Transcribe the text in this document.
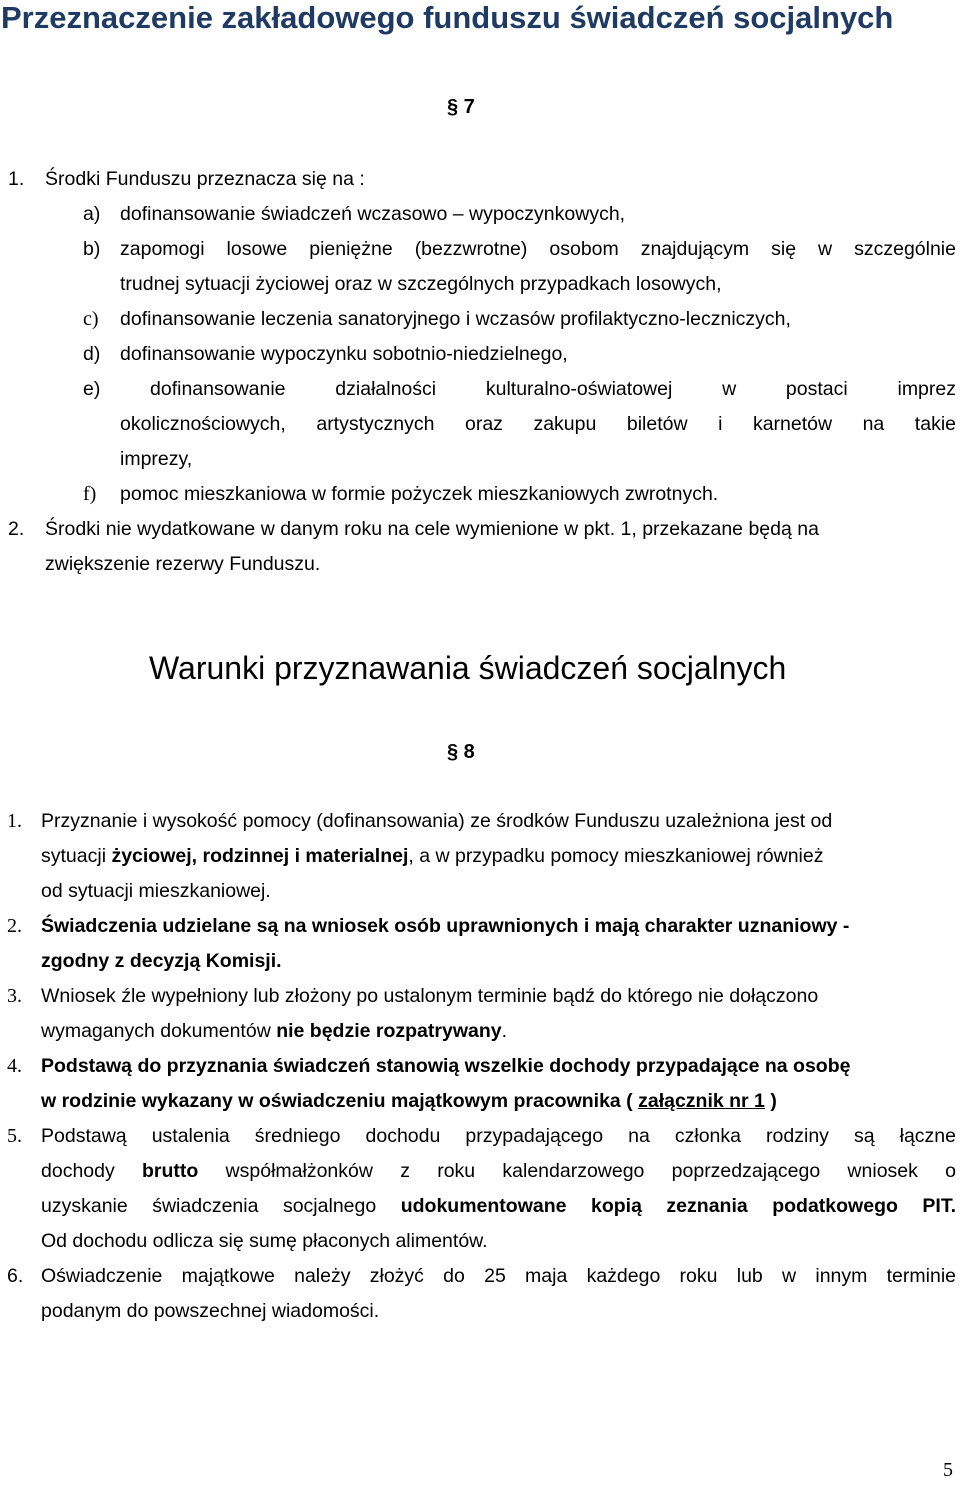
Przeznaczenie zakładowego funduszu świadczeń socjalnych
§ 7
1. Środki Funduszu przeznacza się na :
a) dofinansowanie świadczeń wczasowo – wypoczynkowych,
b) zapomogi losowe pieniężne (bezzwrotne) osobom znajdującym się w szczególnie
trudnej sytuacji życiowej oraz w szczególnych przypadkach losowych,
c) dofinansowanie leczenia sanatoryjnego i wczasów profilaktyczno-leczniczych,
d) dofinansowanie wypoczynku sobotnio-niedzielnego,
e)	dofinansowanie działalności kulturalno-oświatowej w postaci imprez
okolicznościowych, artystycznych oraz zakupu biletów i karnetów na takie
imprezy,
f) pomoc mieszkaniowa w formie pożyczek mieszkaniowych zwrotnych.
2. Środki nie wydatkowane w danym roku na cele wymienione w pkt. 1, przekazane będą na
zwiększenie rezerwy Funduszu.
Warunki przyznawania świadczeń socjalnych
§ 8
1. Przyznanie i wysokość pomocy (dofinansowania) ze środków Funduszu uzależniona jest od
sytuacji życiowej, rodzinnej i materialnej, a w przypadku pomocy mieszkaniowej również
od sytuacji mieszkaniowej.
2. Świadczenia udzielane są na wniosek osób uprawnionych i mają charakter uznaniowy -
zgodny z decyzją Komisji.
3. Wniosek źle wypełniony lub złożony po ustalonym terminie bądź do którego nie dołączono
wymaganych dokumentów nie będzie rozpatrywany.
4. Podstawą do przyznania świadczeń stanowią wszelkie dochody przypadające na osobę
w rodzinie wykazany w oświadczeniu majątkowym pracownika ( załącznik nr 1 )
5. Podstawą ustalenia średniego dochodu przypadającego na członka rodziny są łączne
dochody brutto współmałżonków z roku kalendarzowego poprzedzającego wniosek o
uzyskanie świadczenia socjalnego udokumentowane kopią zeznania podatkowego PIT.
Od dochodu odlicza się sumę płaconych alimentów.
6. Oświadczenie majątkowe należy złożyć do 25 maja każdego roku lub w innym terminie
podanym do powszechnej wiadomości.
5
